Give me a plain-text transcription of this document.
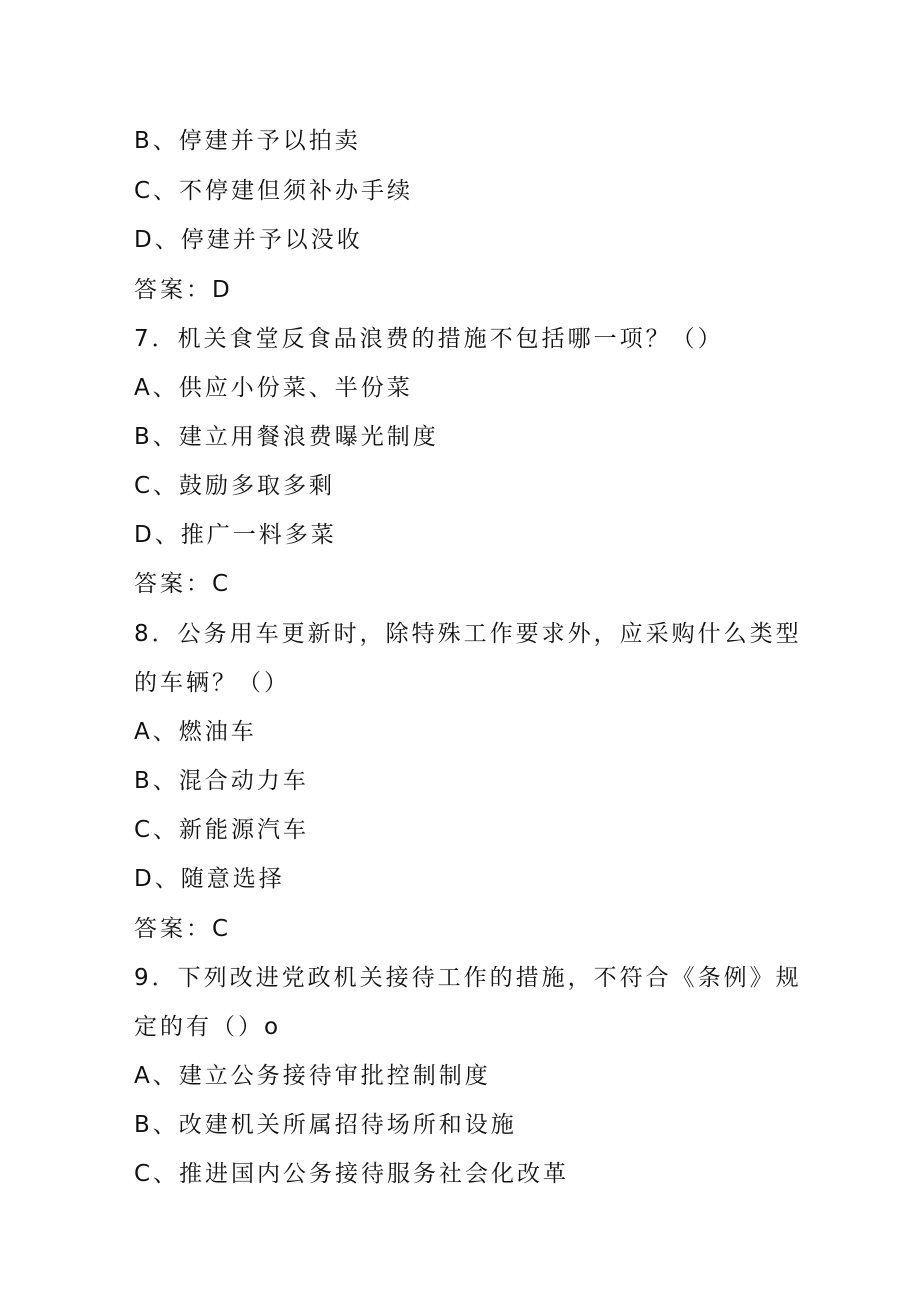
B、停建并予以拍卖
C、不停建但须补办手续
D、停建并予以没收
答案：D
7．机关食堂反食品浪费的措施不包括哪一项？（）
A、供应小份菜、半份菜
B、建立用餐浪费曝光制度
C、鼓励多取多剩
D、推广一料多菜
答案：C
8．公务用车更新时，除特殊工作要求外，应采购什么类型
的车辆？（）
A、燃油车
B、混合动力车
C、新能源汽车
D、随意选择
答案：C
9．下列改进党政机关接待工作的措施，不符合《条例》规
定的有（）o
A、建立公务接待审批控制制度
B、改建机关所属招待场所和设施
C、推进国内公务接待服务社会化改革
